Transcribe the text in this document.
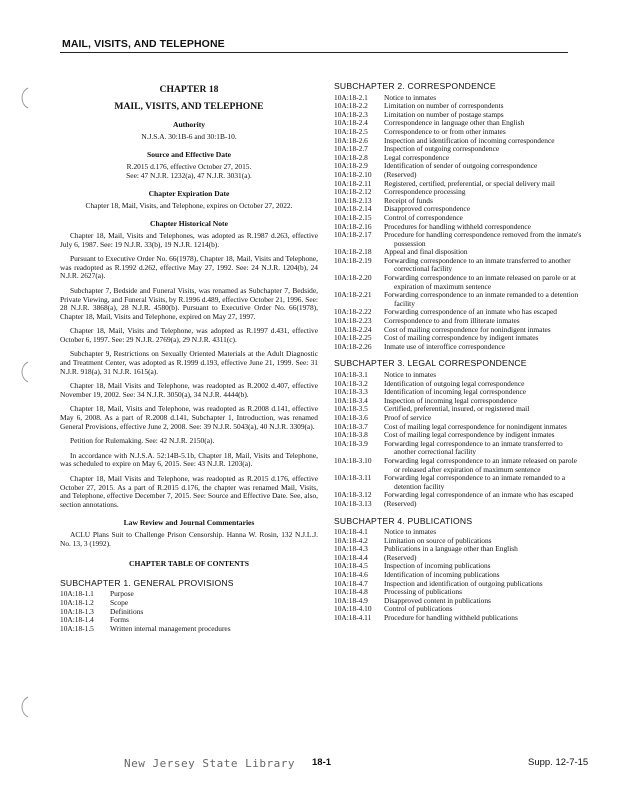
MAIL, VISITS, AND TELEPHONE
CHAPTER 18
MAIL, VISITS, AND TELEPHONE
Authority
N.J.S.A. 30:1B-6 and 30:1B-10.
Source and Effective Date
R.2015 d.176, effective October 27, 2015.
See: 47 N.J.R. 1232(a), 47 N.J.R. 3031(a).
Chapter Expiration Date
Chapter 18, Mail, Visits, and Telephone, expires on October 27, 2022.
Chapter Historical Note
Chapter 18, Mail, Visits and Telephones, was adopted as R.1987 d.263, effective July 6, 1987. See: 19 N.J.R. 33(b), 19 N.J.R. 1214(b).
Pursuant to Executive Order No. 66(1978), Chapter 18, Mail, Visits and Telephone, was readopted as R.1992 d.262, effective May 27, 1992. See: 24 N.J.R. 1204(b), 24 N.J.R. 2627(a).
Subchapter 7, Bedside and Funeral Visits, was renamed as Subchapter 7, Bedside, Private Viewing, and Funeral Visits, by R.1996 d.489, effective October 21, 1996. See: 28 N.J.R. 3868(a), 28 N.J.R. 4580(b). Pursuant to Executive Order No. 66(1978), Chapter 18, Mail, Visits and Telephone, expired on May 27, 1997.
Chapter 18, Mail, Visits and Telephone, was adopted as R.1997 d.431, effective October 6, 1997. See: 29 N.J.R. 2769(a), 29 N.J.R. 4311(c).
Subchapter 9, Restrictions on Sexually Oriented Materials at the Adult Diagnostic and Treatment Center, was adopted as R.1999 d.193, effective June 21, 1999. See: 31 N.J.R. 918(a), 31 N.J.R. 1615(a).
Chapter 18, Mail Visits and Telephone, was readopted as R.2002 d.407, effective November 19, 2002. See: 34 N.J.R. 3050(a), 34 N.J.R. 4444(b).
Chapter 18, Mail, Visits and Telephone, was readopted as R.2008 d.141, effective May 6, 2008. As a part of R.2008 d.141, Subchapter 1, Introduction, was renamed General Provisions, effective June 2, 2008. See: 39 N.J.R. 5043(a), 40 N.J.R. 3309(a).
Petition for Rulemaking. See: 42 N.J.R. 2150(a).
In accordance with N.J.S.A. 52:14B-5.1b, Chapter 18, Mail, Visits and Telephone, was scheduled to expire on May 6, 2015. See: 43 N.J.R. 1203(a).
Chapter 18, Mail Visits and Telephone, was readopted as R.2015 d.176, effective October 27, 2015. As a part of R.2015 d.176, the chapter was renamed Mail, Visits, and Telephone, effective December 7, 2015. See: Source and Effective Date. See, also, section annotations.
Law Review and Journal Commentaries
ACLU Plans Suit to Challenge Prison Censorship. Hanna W. Rosin, 132 N.J.L.J. No. 13, 3 (1992).
CHAPTER TABLE OF CONTENTS
SUBCHAPTER 1. GENERAL PROVISIONS
10A:18-1.1	Purpose
10A:18-1.2	Scope
10A:18-1.3	Definitions
10A:18-1.4	Forms
10A:18-1.5	Written internal management procedures
SUBCHAPTER 2. CORRESPONDENCE
10A:18-2.1	Notice to inmates
10A:18-2.2	Limitation on number of correspondents
10A:18-2.3	Limitation on number of postage stamps
10A:18-2.4	Correspondence in language other than English
10A:18-2.5	Correspondence to or from other inmates
10A:18-2.6	Inspection and identification of incoming correspondence
10A:18-2.7	Inspection of outgoing correspondence
10A:18-2.8	Legal correspondence
10A:18-2.9	Identification of sender of outgoing correspondence
10A:18-2.10	(Reserved)
10A:18-2.11	Registered, certified, preferential, or special delivery mail
10A:18-2.12	Correspondence processing
10A:18-2.13	Receipt of funds
10A:18-2.14	Disapproved correspondence
10A:18-2.15	Control of correspondence
10A:18-2.16	Procedures for handling withheld correspondence
10A:18-2.17	Procedure for handling correspondence removed from the inmate's possession
10A:18-2.18	Appeal and final disposition
10A:18-2.19	Forwarding correspondence to an inmate transferred to another correctional facility
10A:18-2.20	Forwarding correspondence to an inmate released on parole or at expiration of maximum sentence
10A:18-2.21	Forwarding correspondence to an inmate remanded to a detention facility
10A:18-2.22	Forwarding correspondence of an inmate who has escaped
10A:18-2.23	Correspondence to and from illiterate inmates
10A:18-2.24	Cost of mailing correspondence for nonindigent inmates
10A:18-2.25	Cost of mailing correspondence by indigent inmates
10A:18-2.26	Inmate use of interoffice correspondence
SUBCHAPTER 3. LEGAL CORRESPONDENCE
10A:18-3.1	Notice to inmates
10A:18-3.2	Identification of outgoing legal correspondence
10A:18-3.3	Identification of incoming legal correspondence
10A:18-3.4	Inspection of incoming legal correspondence
10A:18-3.5	Certified, preferential, insured, or registered mail
10A:18-3.6	Proof of service
10A:18-3.7	Cost of mailing legal correspondence for nonindigent inmates
10A:18-3.8	Cost of mailing legal correspondence by indigent inmates
10A:18-3.9	Forwarding legal correspondence to an inmate transferred to another correctional facility
10A:18-3.10	Forwarding legal correspondence to an inmate released on parole or released after expiration of maximum sentence
10A:18-3.11	Forwarding legal correspondence to an inmate remanded to a detention facility
10A:18-3.12	Forwarding legal correspondence of an inmate who has escaped
10A:18-3.13	(Reserved)
SUBCHAPTER 4. PUBLICATIONS
10A:18-4.1	Notice to inmates
10A:18-4.2	Limitation on source of publications
10A:18-4.3	Publications in a language other than English
10A:18-4.4	(Reserved)
10A:18-4.5	Inspection of incoming publications
10A:18-4.6	Identification of incoming publications
10A:18-4.7	Inspection and identification of outgoing publications
10A:18-4.8	Processing of publications
10A:18-4.9	Disapproved content in publications
10A:18-4.10	Control of publications
10A:18-4.11	Procedure for handling withheld publications
New Jersey State Library 18-1	Supp. 12-7-15
